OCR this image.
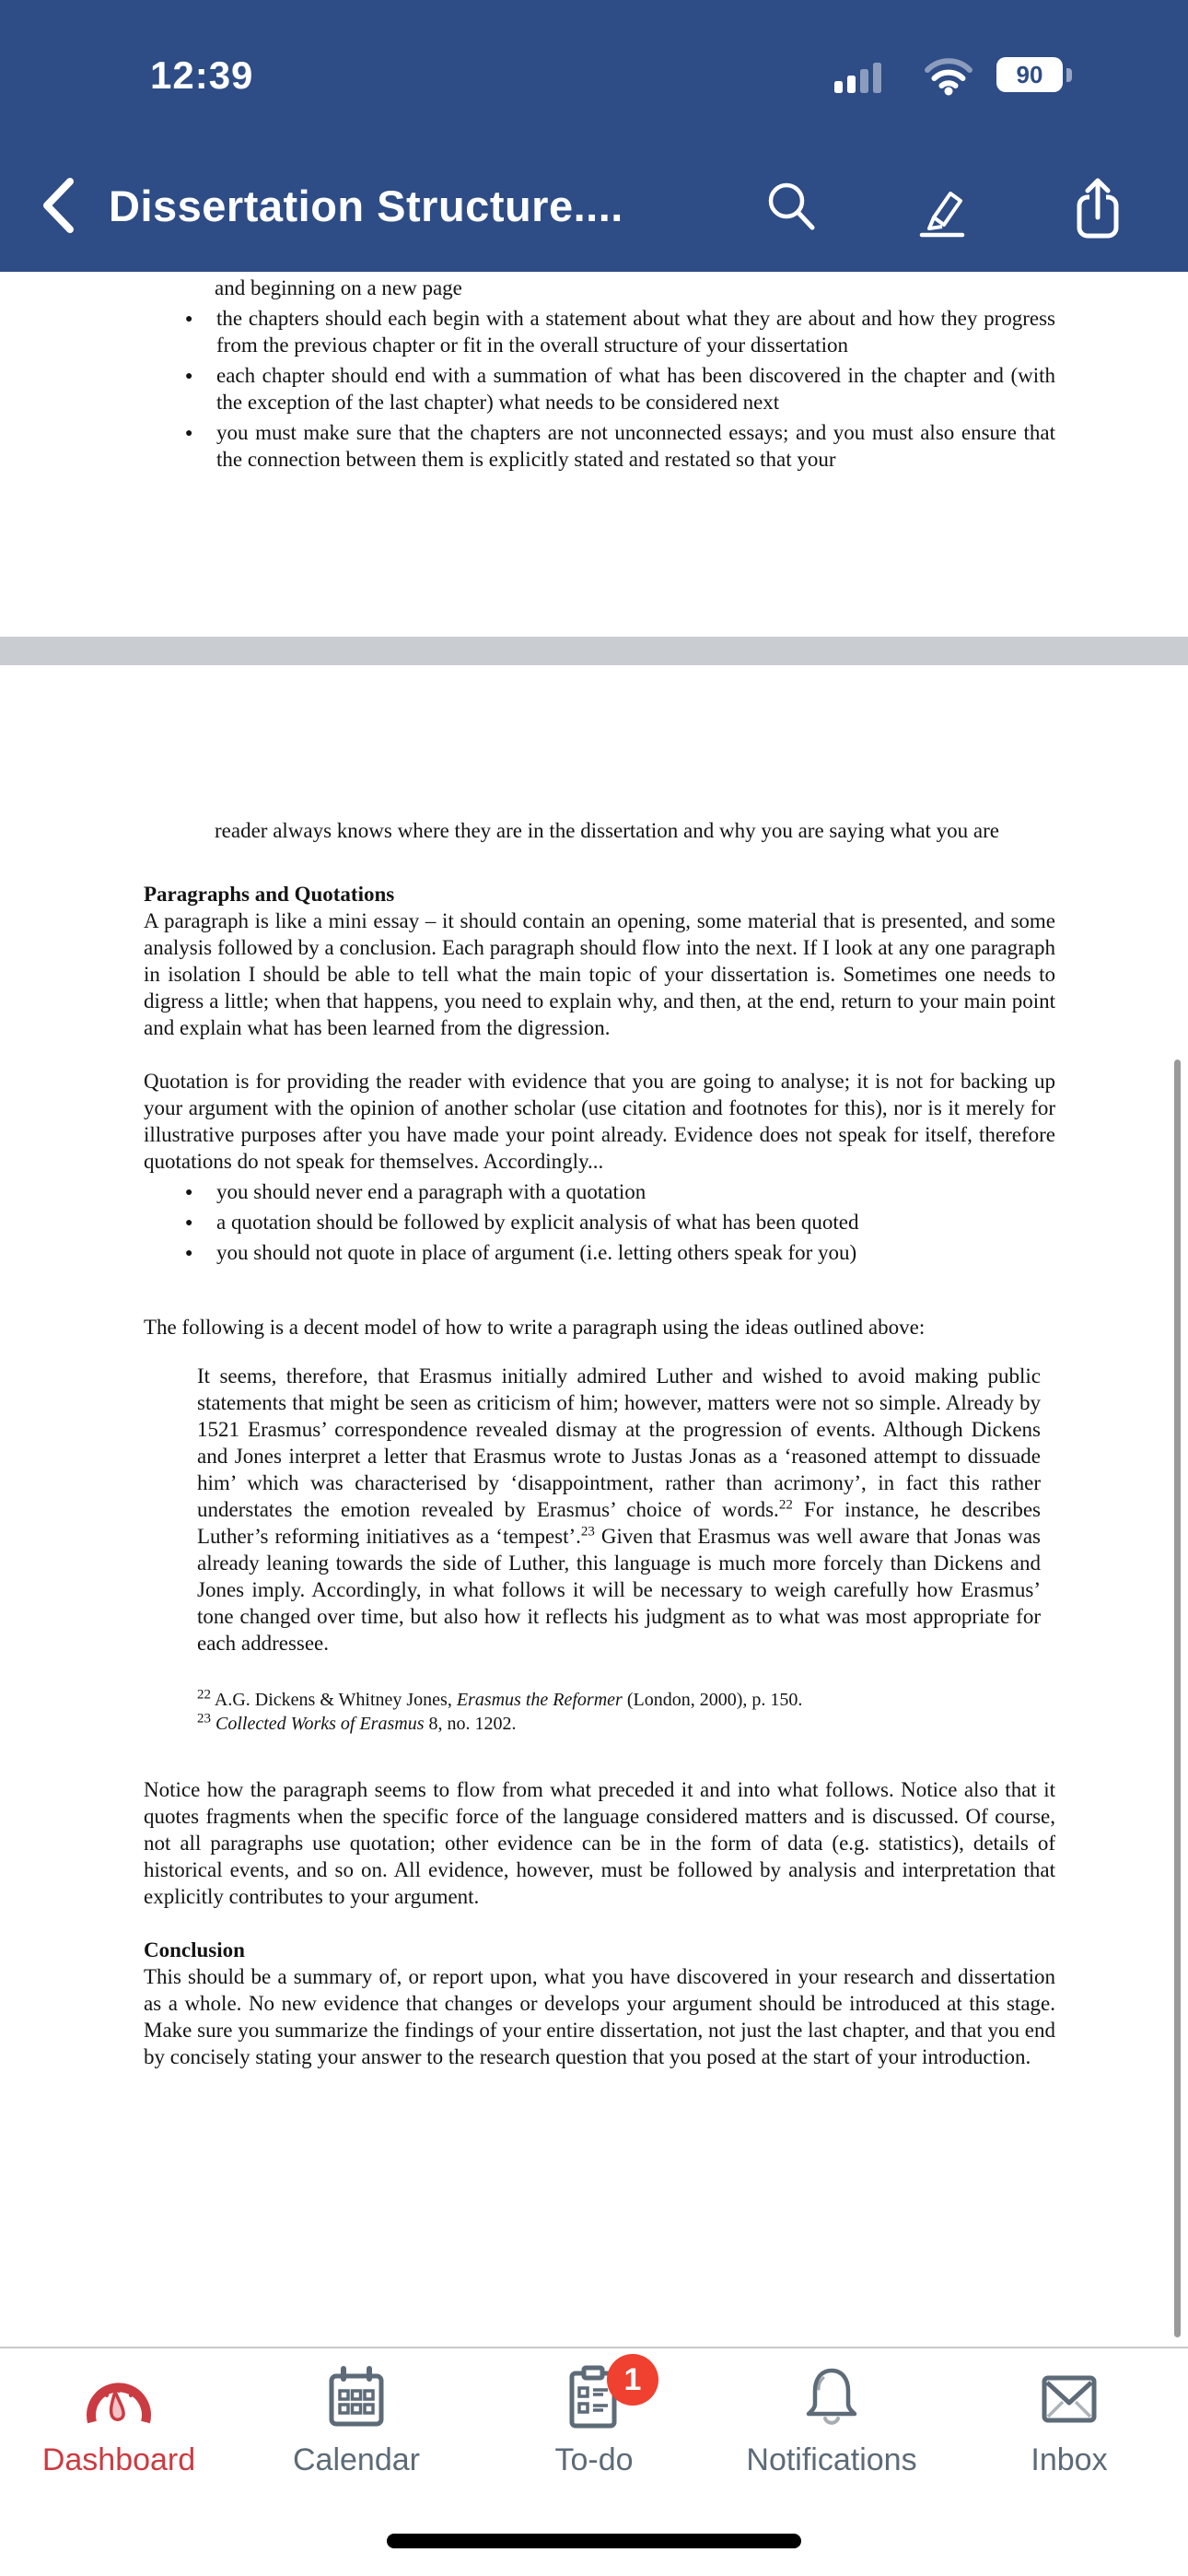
12:39	90
Dissertation Structure....
and beginning on a new page
● the chapters should each begin with a statement about what they are about and how they progress from the previous chapter or fit in the overall structure of your dissertation
● each chapter should end with a summation of what has been discovered in the chapter and (with the exception of the last chapter) what needs to be considered next
● you must make sure that the chapters are not unconnected essays; and you must also ensure that the connection between them is explicitly stated and restated so that your
reader always knows where they are in the dissertation and why you are saying what you are
Paragraphs and Quotations

A paragraph is like a mini essay – it should contain an opening, some material that is presented, and some analysis followed by a conclusion. Each paragraph should flow into the next. If I look at any one paragraph in isolation I should be able to tell what the main topic of your dissertation is. Sometimes one needs to digress a little; when that happens, you need to explain why, and then, at the end, return to your main point and explain what has been learned from the digression.

Quotation is for providing the reader with evidence that you are going to analyse; it is not for backing up your argument with the opinion of another scholar (use citation and footnotes for this), nor is it merely for illustrative purposes after you have made your point already. Evidence does not speak for itself, therefore quotations do not speak for themselves. Accordingly...

● you should never end a paragraph with a quotation
● a quotation should be followed by explicit analysis of what has been quoted
● you should not quote in place of argument (i.e. letting others speak for you)

The following is a decent model of how to write a paragraph using the ideas outlined above:

It seems, therefore, that Erasmus initially admired Luther and wished to avoid making public statements that might be seen as criticism of him; however, matters were not so simple. Already by 1521 Erasmus’ correspondence revealed dismay at the progression of events. Although Dickens and Jones interpret a letter that Erasmus wrote to Justas Jonas as a ‘reasoned attempt to dissuade him’ which was characterised by ‘disappointment, rather than acrimony’, in fact this rather understates the emotion revealed by Erasmus’ choice of words.$^{22}$ For instance, he describes Luther’s reforming initiatives as a ‘tempest’.$^{23}$ Given that Erasmus was well aware that Jonas was already leaning towards the side of Luther, this language is much more forcely than Dickens and Jones imply. Accordingly, in what follows it will be necessary to weigh carefully how Erasmus’ tone changed over time, but also how it reflects his judgment as to what was most appropriate for each addressee.

$^{22}$ A.G. Dickens & Whitney Jones, Erasmus the Reformer (London, 2000), p. 150.
$^{23}$ Collected Works of Erasmus 8, no. 1202.

Notice how the paragraph seems to flow from what preceded it and into what follows. Notice also that it quotes fragments when the specific force of the language considered matters and is discussed. Of course, not all paragraphs use quotation; other evidence can be in the form of data (e.g. statistics), details of historical events, and so on. All evidence, however, must be followed by analysis and interpretation that explicitly contributes to your argument.

Conclusion

This should be a summary of, or report upon, what you have discovered in your research and dissertation as a whole. No new evidence that changes or develops your argument should be introduced at this stage. Make sure you summarize the findings of your entire dissertation, not just the last chapter, and that you end by concisely stating your answer to the research question that you posed at the start of your introduction.

Dashboard	Calendar
1
To-do	Notifications	Inbox
